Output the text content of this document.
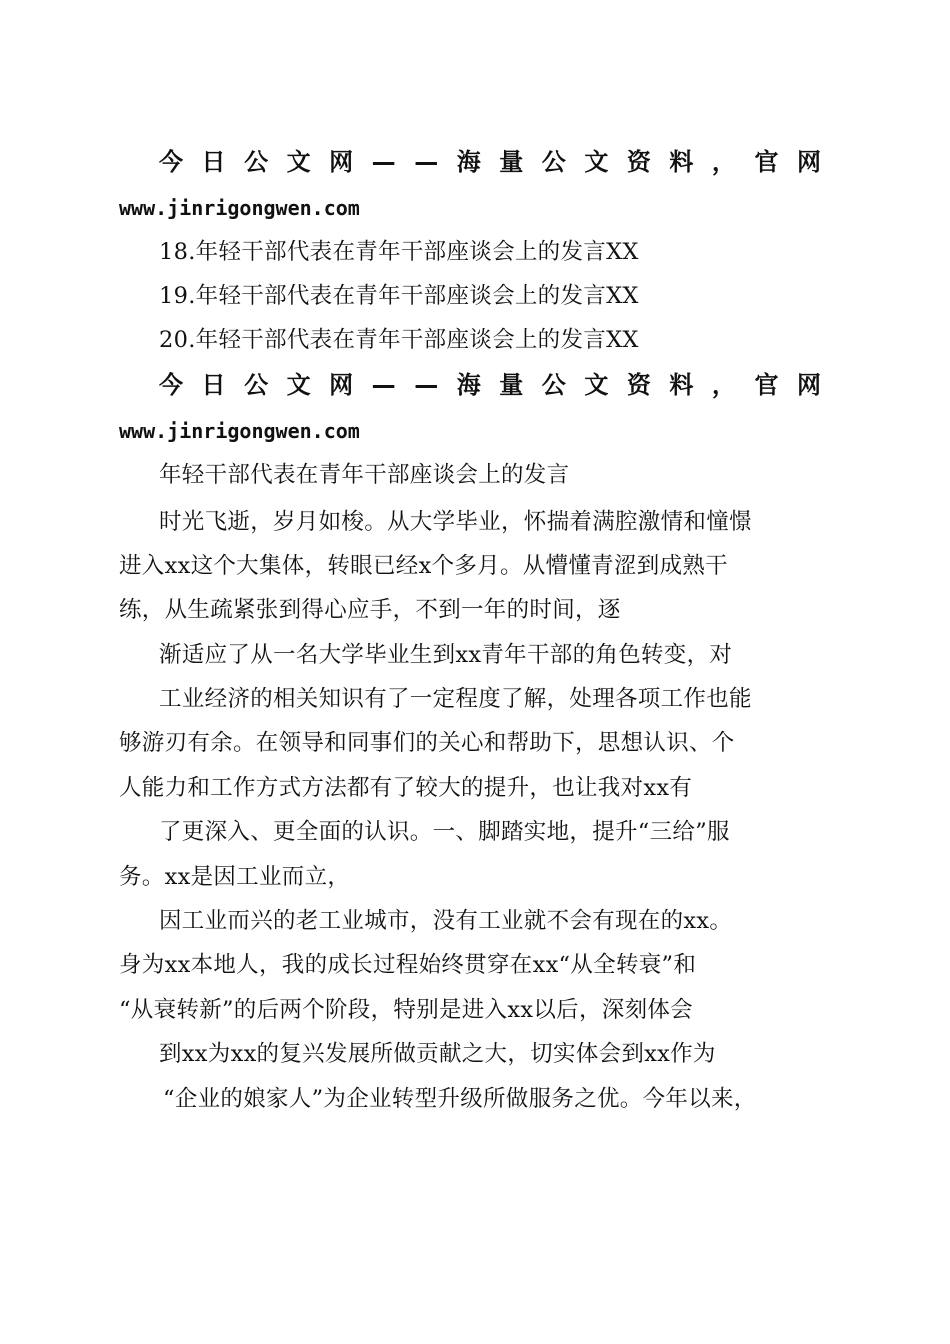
今 日 公 文 网 — — 海 量 公 文 资 料 ， 官 网
www.jinrigongwen.com
18.年轻干部代表在青年干部座谈会上的发言XX
19.年轻干部代表在青年干部座谈会上的发言XX
20.年轻干部代表在青年干部座谈会上的发言XX
今 日 公 文 网 — — 海 量 公 文 资 料 ， 官 网
www.jinrigongwen.com
年轻干部代表在青年干部座谈会上的发言
时光飞逝，岁月如梭。从大学毕业，怀揣着满腔激情和憧憬
进入xx这个大集体，转眼已经x个多月。从懵懂青涩到成熟干
练，从生疏紧张到得心应手，不到一年的时间，逐
渐适应了从一名大学毕业生到xx青年干部的角色转变，对
工业经济的相关知识有了一定程度了解，处理各项工作也能
够游刃有余。在领导和同事们的关心和帮助下，思想认识、个
人能力和工作方式方法都有了较大的提升，也让我对xx有
了更深入、更全面的认识。一、脚踏实地，提升“三给”服
务。xx是因工业而立，
因工业而兴的老工业城市，没有工业就不会有现在的xx。
身为xx本地人，我的成长过程始终贯穿在xx“从全转衰”和
“从衰转新”的后两个阶段，特别是进入xx以后，深刻体会
到xx为xx的复兴发展所做贡献之大，切实体会到xx作为
“企业的娘家人”为企业转型升级所做服务之优。今年以来，
